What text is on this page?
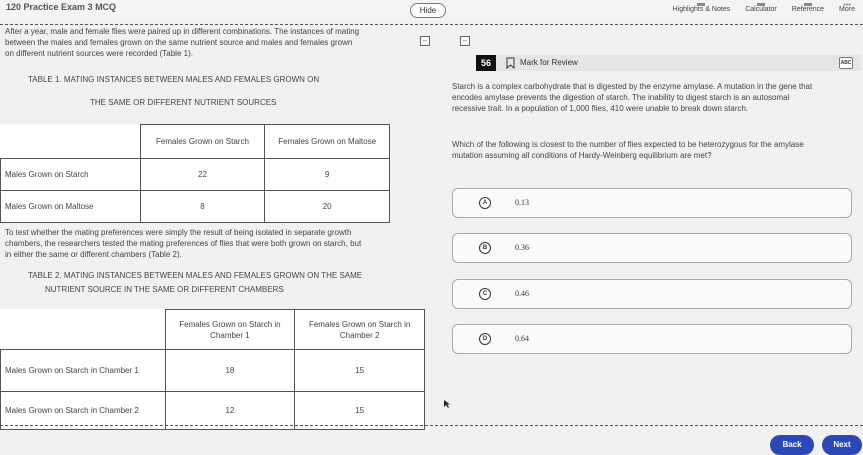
120 Practice Exam 3 MCQ	Hide	Highlights & Notes Calculator Reference More
After a year, male and female flies were paired up in different combinations. The instances of mating
between the males and females grown on the same nutrient source and males and females grown
on different nutrient sources were recorded (Table 1).
⇔	⇔
TABLE 1. MATING INSTANCES BETWEEN MALES AND FEMALES GROWN ON
THE SAME OR DIFFERENT NUTRIENT SOURCES
	Females Grown on Starch	Females Grown on Maltose
Males Grown on Starch	22	9
Males Grown on Maltose	8	20
To test whether the mating preferences were simply the result of being isolated in separate growth
chambers, the researchers tested the mating preferences of flies that were both grown on starch, but
in either the same or different chambers (Table 2).
TABLE 2. MATING INSTANCES BETWEEN MALES AND FEMALES GROWN ON THE SAME
NUTRIENT SOURCE IN THE SAME OR DIFFERENT CHAMBERS
	Females Grown on Starch in Chamber 1	Females Grown on Starch in Chamber 2
Males Grown on Starch in Chamber 1	18	15
Males Grown on Starch in Chamber 2	12	15
56	Mark for Review	ABC
Starch is a complex carbohydrate that is digested by the enzyme amylase. A mutation in the gene that
encodes amylase prevents the digestion of starch. The inability to digest starch is an autosomal
recessive trait. In a population of 1,000 flies, 410 were unable to break down starch.
Which of the following is closest to the number of flies expected to be heterozygous for the amylase
mutation assuming all conditions of Hardy-Weinberg equilibrium are met?
A	0.13
B	0.36
C	0.46
D	0.64
Back	Next
